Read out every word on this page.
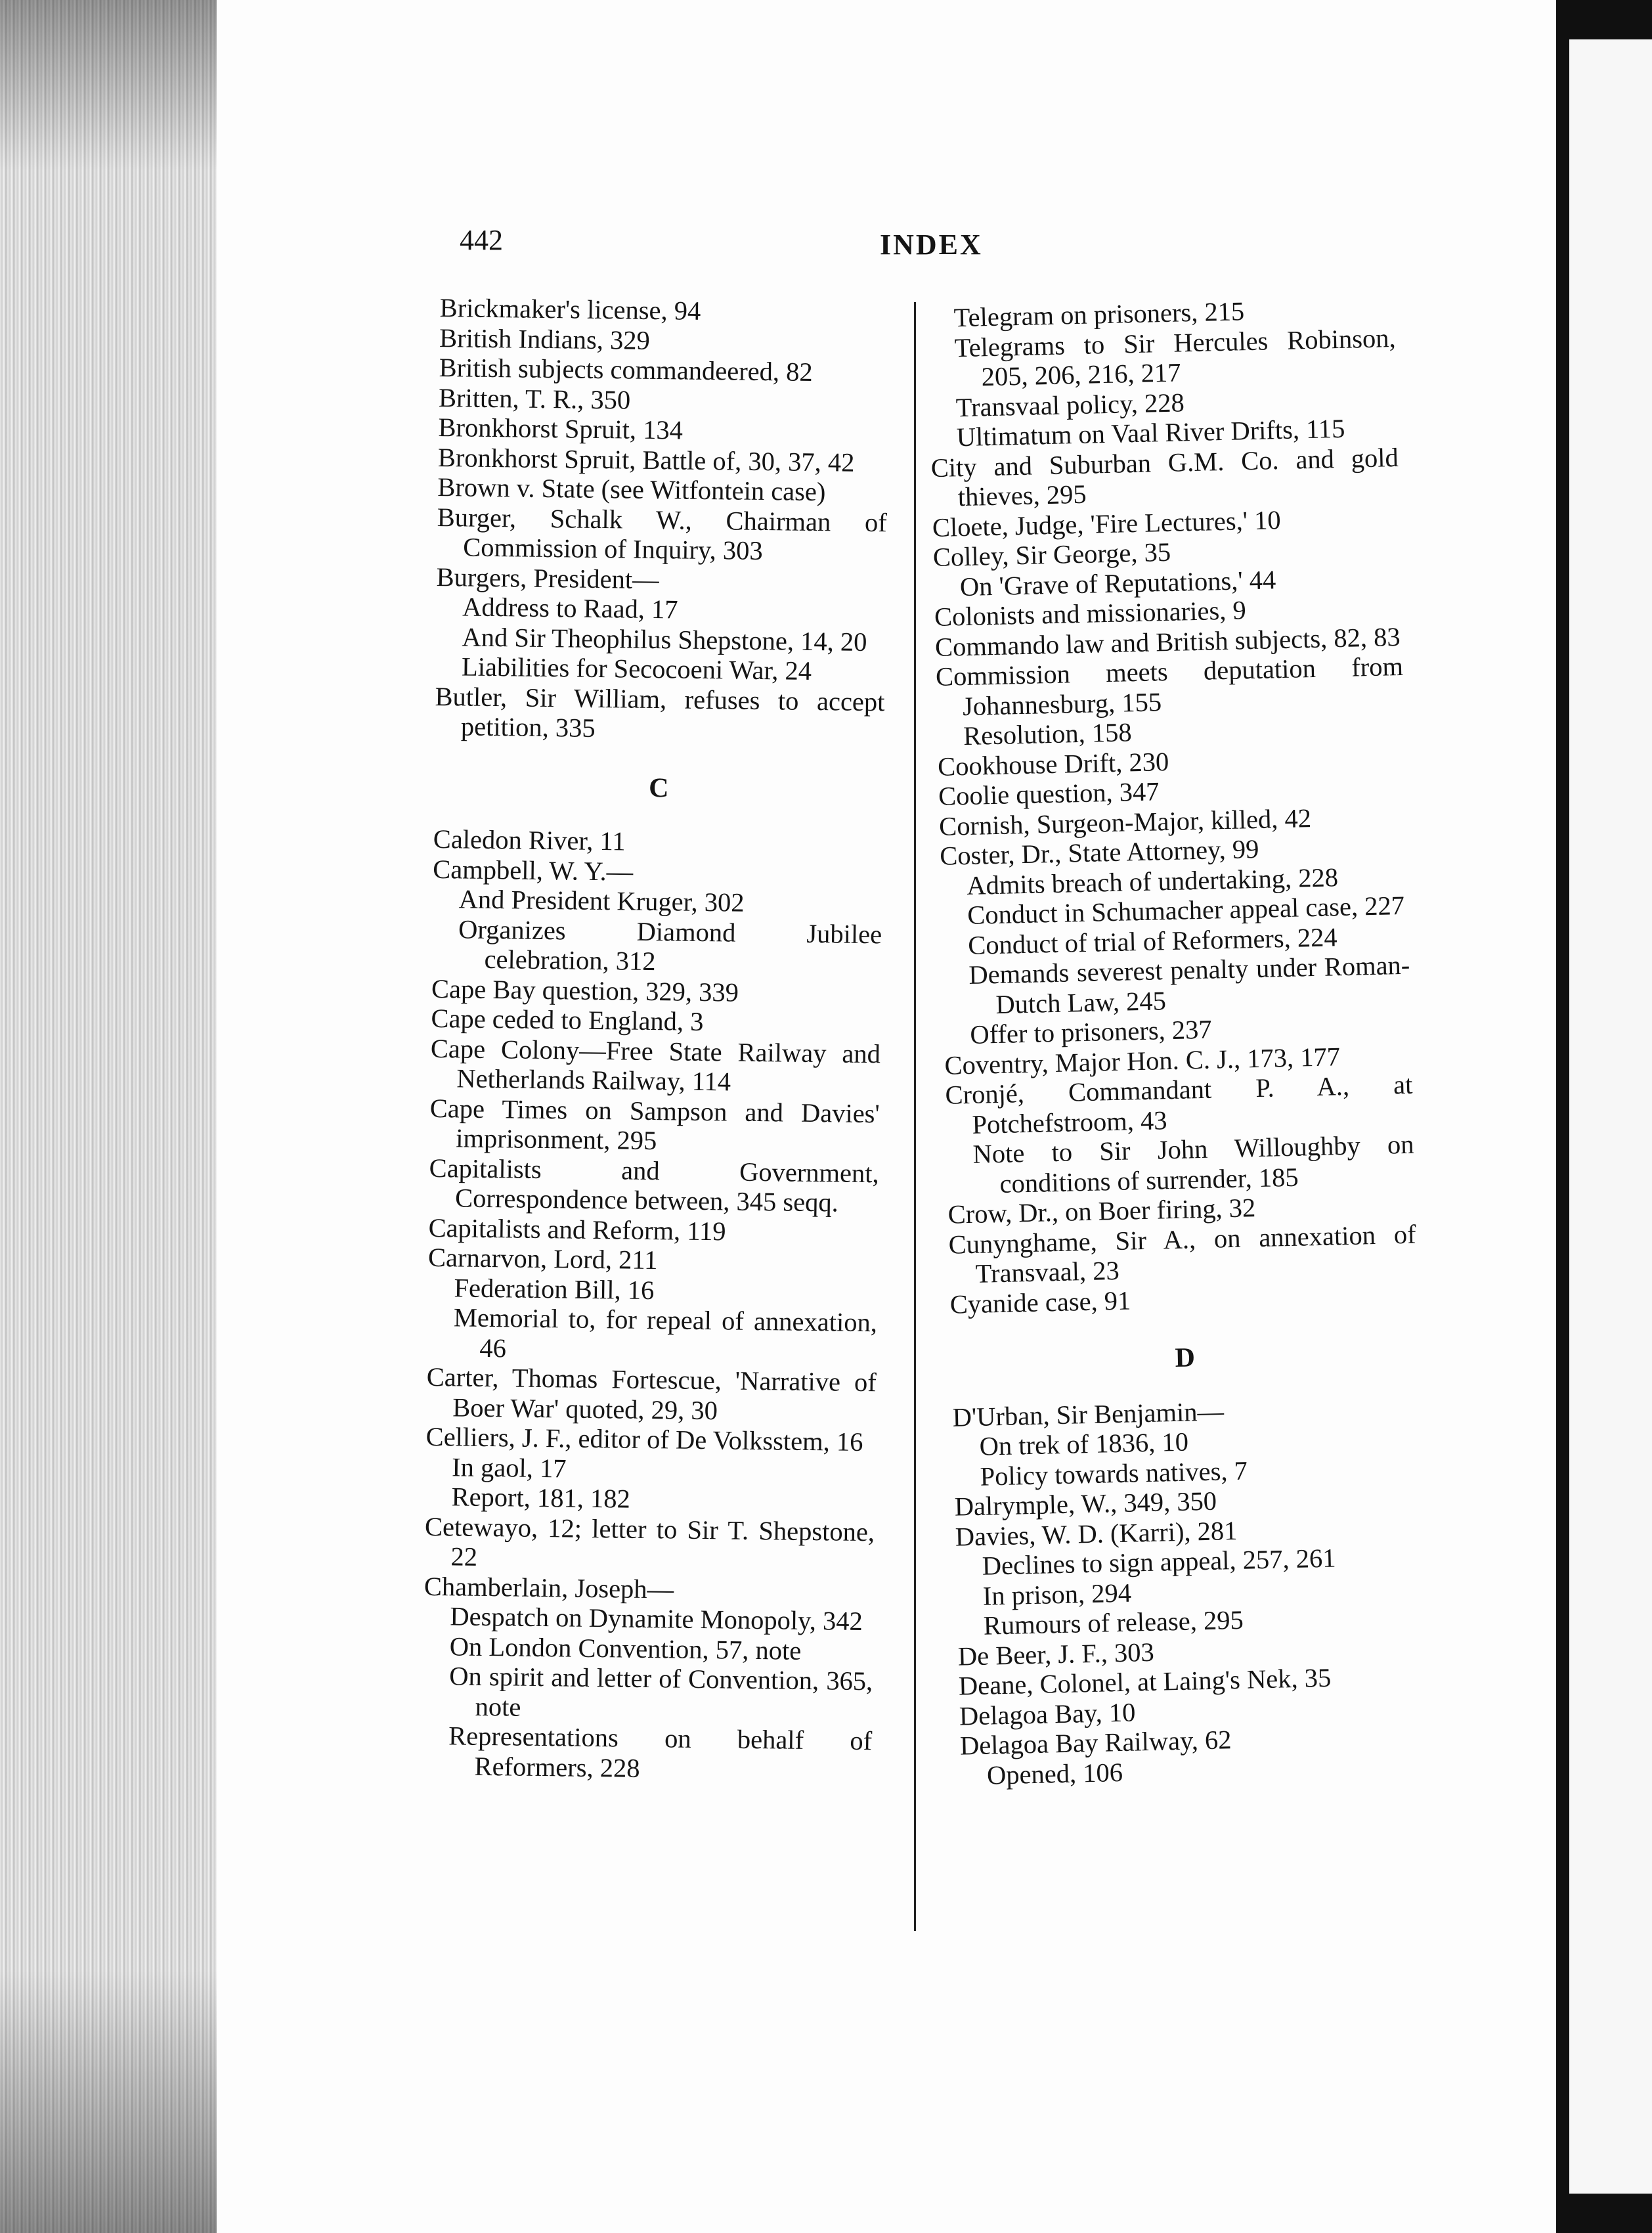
442	INDEX
Brickmaker's license, 94
British Indians, 329
British subjects commandeered, 82
Britten, T. R., 350
Bronkhorst Spruit, 134
Bronkhorst Spruit, Battle of, 30, 37, 42
Brown v. State (see Witfontein case)
Burger, Schalk W., Chairman of Commission of Inquiry, 303
Burgers, President—
Address to Raad, 17
And Sir Theophilus Shepstone, 14, 20
Liabilities for Secocoeni War, 24
Butler, Sir William, refuses to accept petition, 335
C
Caledon River, 11
Campbell, W. Y.—
And President Kruger, 302
Organizes Diamond Jubilee celebration, 312
Cape Bay question, 329, 339
Cape ceded to England, 3
Cape Colony—Free State Railway and Netherlands Railway, 114
Cape Times on Sampson and Davies' imprisonment, 295
Capitalists and Government, Correspondence between, 345 seqq.
Capitalists and Reform, 119
Carnarvon, Lord, 211
Federation Bill, 16
Memorial to, for repeal of annexation, 46
Carter, Thomas Fortescue, 'Narrative of Boer War' quoted, 29, 30
Celliers, J. F., editor of De Volksstem, 16
In gaol, 17
Report, 181, 182
Cetewayo, 12; letter to Sir T. Shepstone, 22
Chamberlain, Joseph—
Despatch on Dynamite Monopoly, 342
On London Convention, 57, note
On spirit and letter of Convention, 365, note
Representations on behalf of Reformers, 228
Telegram on prisoners, 215
Telegrams to Sir Hercules Robinson, 205, 206, 216, 217
Transvaal policy, 228
Ultimatum on Vaal River Drifts, 115
City and Suburban G.M. Co. and gold thieves, 295
Cloete, Judge, 'Fire Lectures,' 10
Colley, Sir George, 35
On 'Grave of Reputations,' 44
Colonists and missionaries, 9
Commando law and British subjects, 82, 83
Commission meets deputation from Johannesburg, 155
Resolution, 158
Cookhouse Drift, 230
Coolie question, 347
Cornish, Surgeon-Major, killed, 42
Coster, Dr., State Attorney, 99
Admits breach of undertaking, 228
Conduct in Schumacher appeal case, 227
Conduct of trial of Reformers, 224
Demands severest penalty under Roman-Dutch Law, 245
Offer to prisoners, 237
Coventry, Major Hon. C. J., 173, 177
Cronjé, Commandant P. A., at Potchefstroom, 43
Note to Sir John Willoughby on conditions of surrender, 185
Crow, Dr., on Boer firing, 32
Cunynghame, Sir A., on annexation of Transvaal, 23
Cyanide case, 91
D
D'Urban, Sir Benjamin—
On trek of 1836, 10
Policy towards natives, 7
Dalrymple, W., 349, 350
Davies, W. D. (Karri), 281
Declines to sign appeal, 257, 261
In prison, 294
Rumours of release, 295
De Beer, J. F., 303
Deane, Colonel, at Laing's Nek, 35
Delagoa Bay, 10
Delagoa Bay Railway, 62
Opened, 106
